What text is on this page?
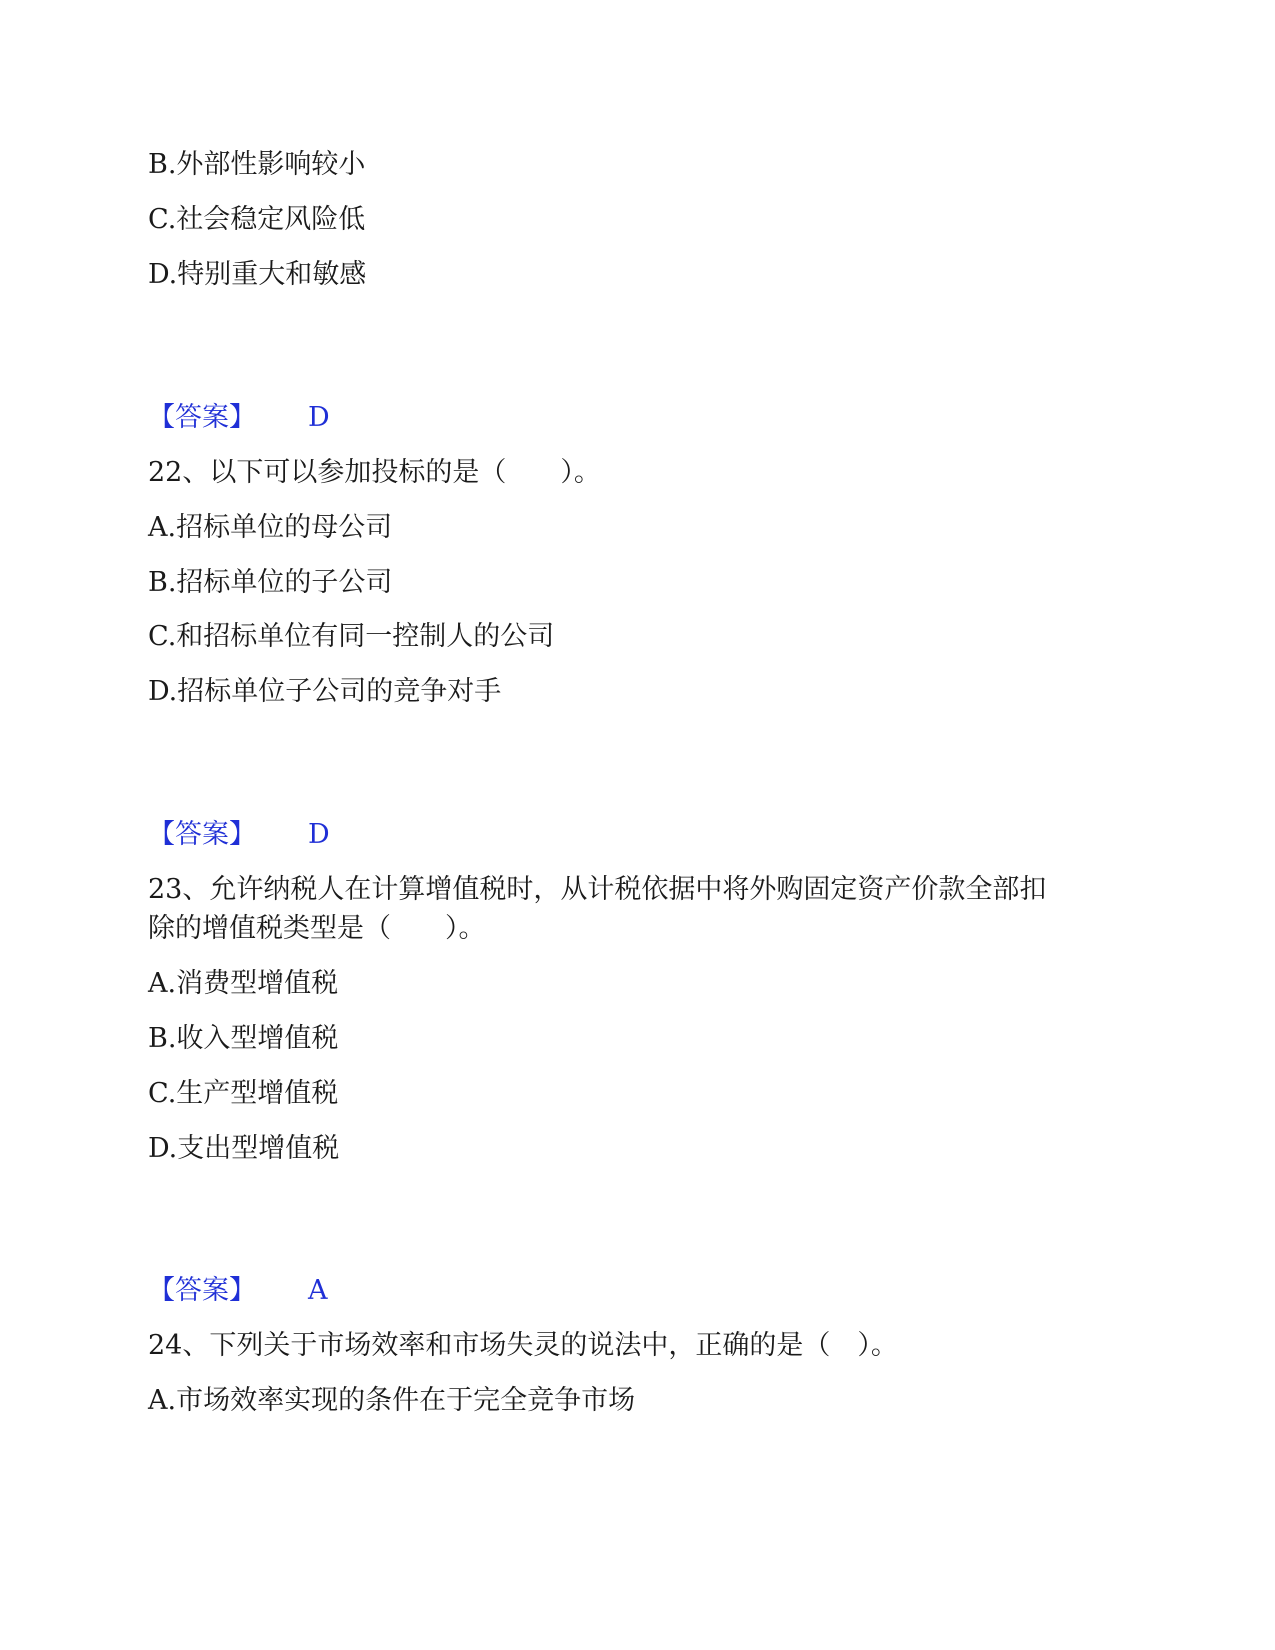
B.外部性影响较小
C.社会稳定风险低
D.特别重大和敏感
【答案】 D
22、以下可以参加投标的是（　　）。
A.招标单位的母公司
B.招标单位的子公司
C.和招标单位有同一控制人的公司
D.招标单位子公司的竞争对手
【答案】 D
23、允许纳税人在计算增值税时，从计税依据中将外购固定资产价款全部扣
除的增值税类型是（　　）。
A.消费型增值税
B.收入型增值税
C.生产型增值税
D.支出型增值税
【答案】 A
24、下列关于市场效率和市场失灵的说法中，正确的是（　）。
A.市场效率实现的条件在于完全竞争市场
